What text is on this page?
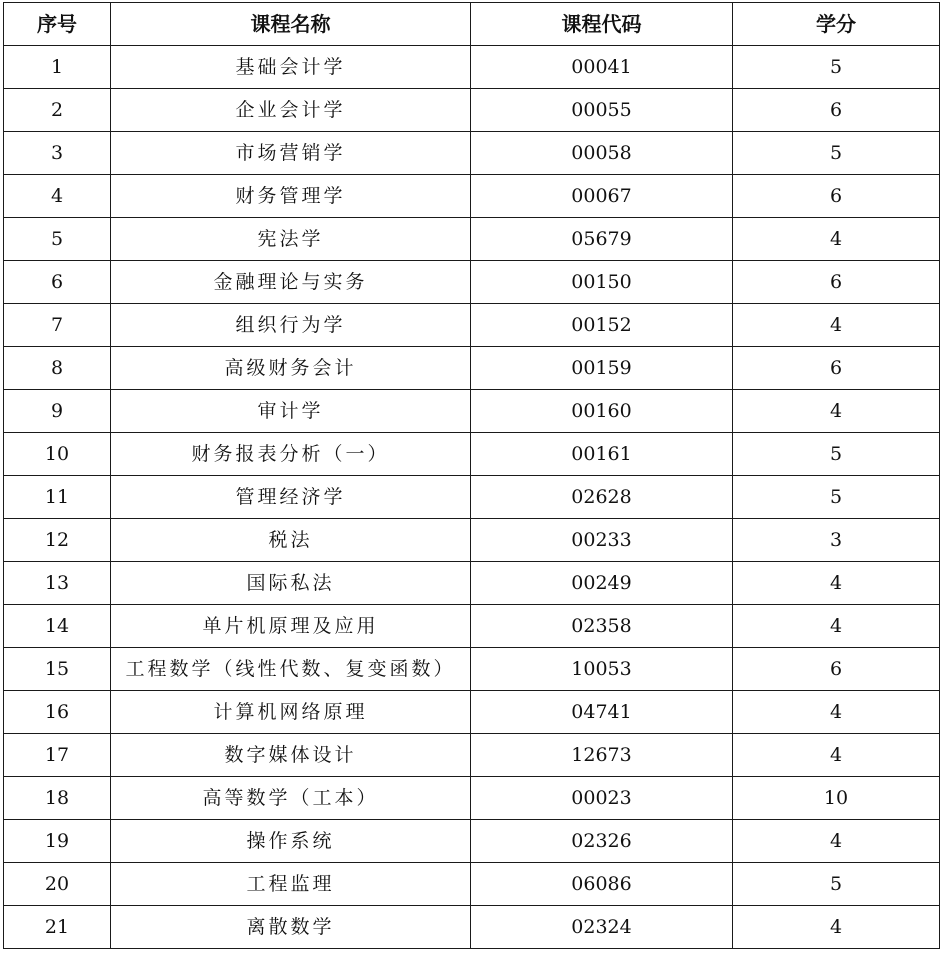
序号	课程名称	课程代码	学分
1	基础会计学	00041	5
2	企业会计学	00055	6
3	市场营销学	00058	5
4	财务管理学	00067	6
5	宪法学	05679	4
6	金融理论与实务	00150	6
7	组织行为学	00152	4
8	高级财务会计	00159	6
9	审计学	00160	4
10	财务报表分析（一）	00161	5
11	管理经济学	02628	5
12	税法	00233	3
13	国际私法	00249	4
14	单片机原理及应用	02358	4
15	工程数学（线性代数、复变函数）	10053	6
16	计算机网络原理	04741	4
17	数字媒体设计	12673	4
18	高等数学（工本）	00023	10
19	操作系统	02326	4
20	工程监理	06086	5
21	离散数学	02324	4
